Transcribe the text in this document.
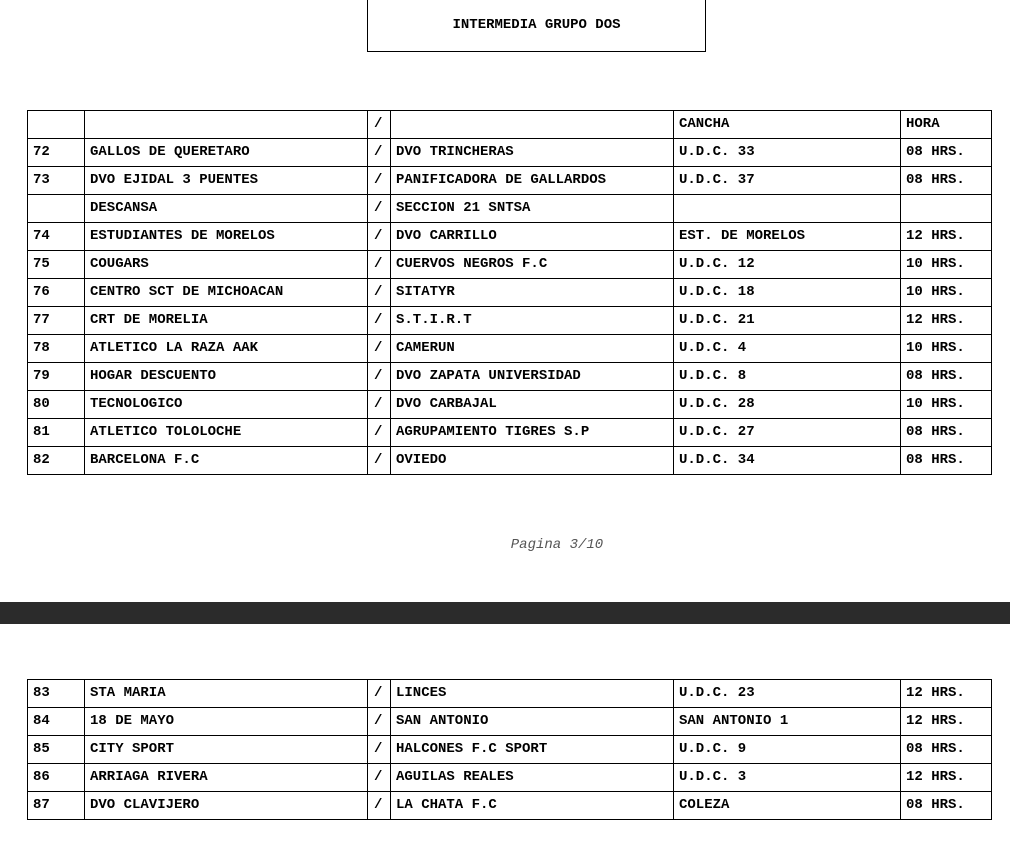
INTERMEDIA GRUPO DOS
		/		CANCHA	HORA
72	GALLOS DE QUERETARO	/	DVO TRINCHERAS	U.D.C. 33	08 HRS.
73	DVO EJIDAL 3 PUENTES	/	PANIFICADORA DE GALLARDOS	U.D.C. 37	08 HRS.
	DESCANSA	/	SECCION 21 SNTSA		
74	ESTUDIANTES DE MORELOS	/	DVO CARRILLO	EST. DE MORELOS	12 HRS.
75	COUGARS	/	CUERVOS NEGROS F.C	U.D.C. 12	10 HRS.
76	CENTRO SCT DE MICHOACAN	/	SITATYR	U.D.C. 18	10 HRS.
77	CRT DE MORELIA	/	S.T.I.R.T	U.D.C. 21	12 HRS.
78	ATLETICO LA RAZA AAK	/	CAMERUN	U.D.C. 4	10 HRS.
79	HOGAR DESCUENTO	/	DVO ZAPATA UNIVERSIDAD	U.D.C. 8	08 HRS.
80	TECNOLOGICO	/	DVO CARBAJAL	U.D.C. 28	10 HRS.
81	ATLETICO TOLOLOCHE	/	AGRUPAMIENTO TIGRES S.P	U.D.C. 27	08 HRS.
82	BARCELONA F.C	/	OVIEDO	U.D.C. 34	08 HRS.
Pagina 3/10
83	STA MARIA	/	LINCES	U.D.C. 23	12 HRS.
84	18 DE MAYO	/	SAN ANTONIO	SAN ANTONIO 1	12 HRS.
85	CITY SPORT	/	HALCONES F.C SPORT	U.D.C. 9	08 HRS.
86	ARRIAGA RIVERA	/	AGUILAS REALES	U.D.C. 3	12 HRS.
87	DVO CLAVIJERO	/	LA CHATA F.C	COLEZA	08 HRS.
